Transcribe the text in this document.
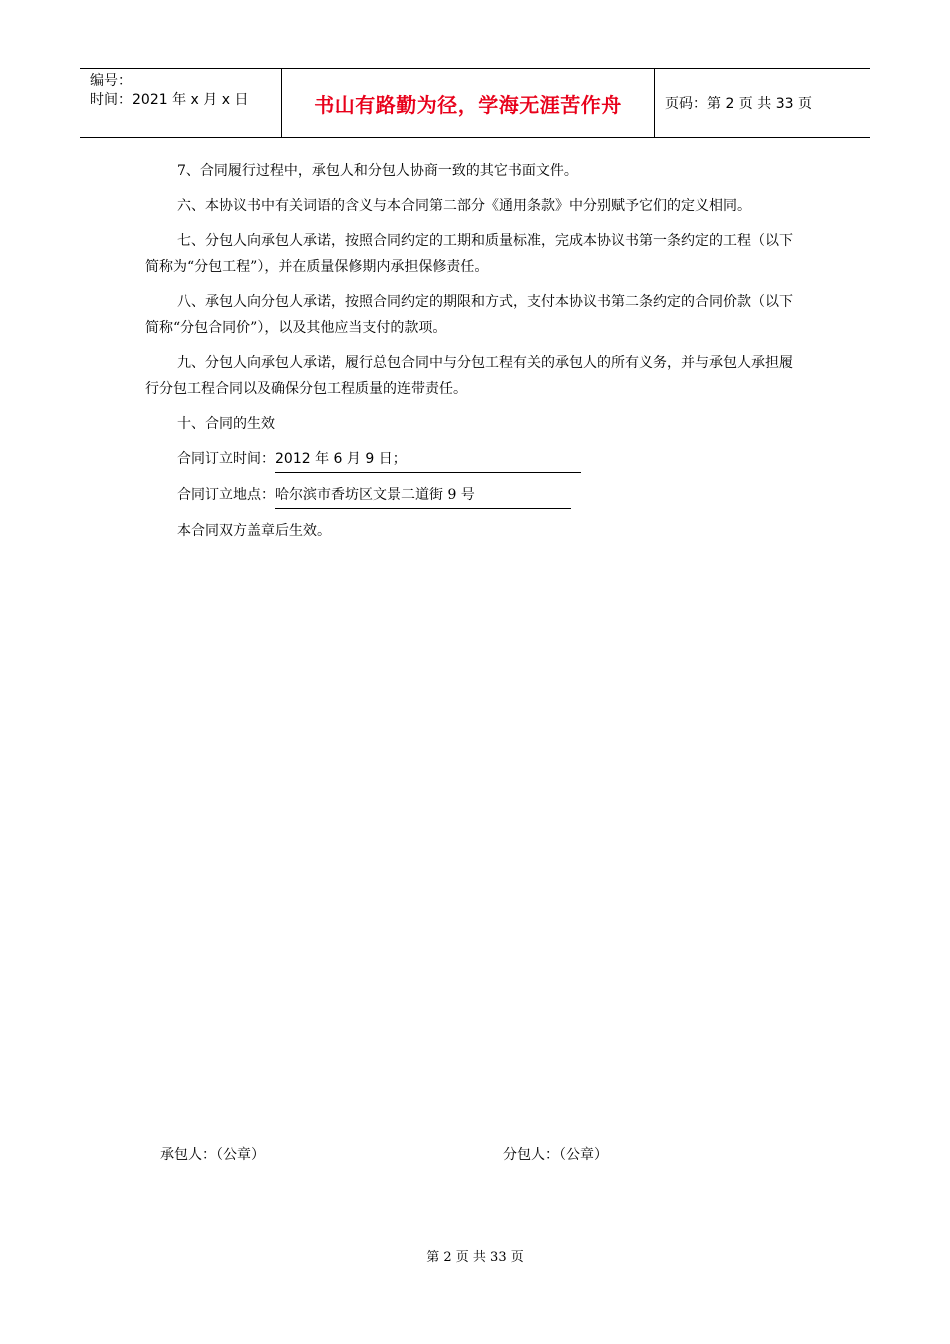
编号：
时间：2021 年 x 月 x 日	书山有路勤为径，学海无涯苦作舟	页码：第 2 页 共 33 页

7、合同履行过程中，承包人和分包人协商一致的其它书面文件。

六、本协议书中有关词语的含义与本合同第二部分《通用条款》中分别赋予它们的定义相同。

七、分包人向承包人承诺，按照合同约定的工期和质量标准，完成本协议书第一条约定的工程（以下简称为“分包工程”），并在质量保修期内承担保修责任。

八、承包人向分包人承诺，按照合同约定的期限和方式，支付本协议书第二条约定的合同价款（以下简称“分包合同价”），以及其他应当支付的款项。

九、分包人向承包人承诺，履行总包合同中与分包工程有关的承包人的所有义务，并与承包人承担履行分包工程合同以及确保分包工程质量的连带责任。

十、合同的生效

合同订立时间：2012 年 6 月 9 日；

合同订立地点：哈尔滨市香坊区文景二道街 9 号

本合同双方盖章后生效。

承包人：（公章）	分包人：（公章）
第 2 页 共 33 页
